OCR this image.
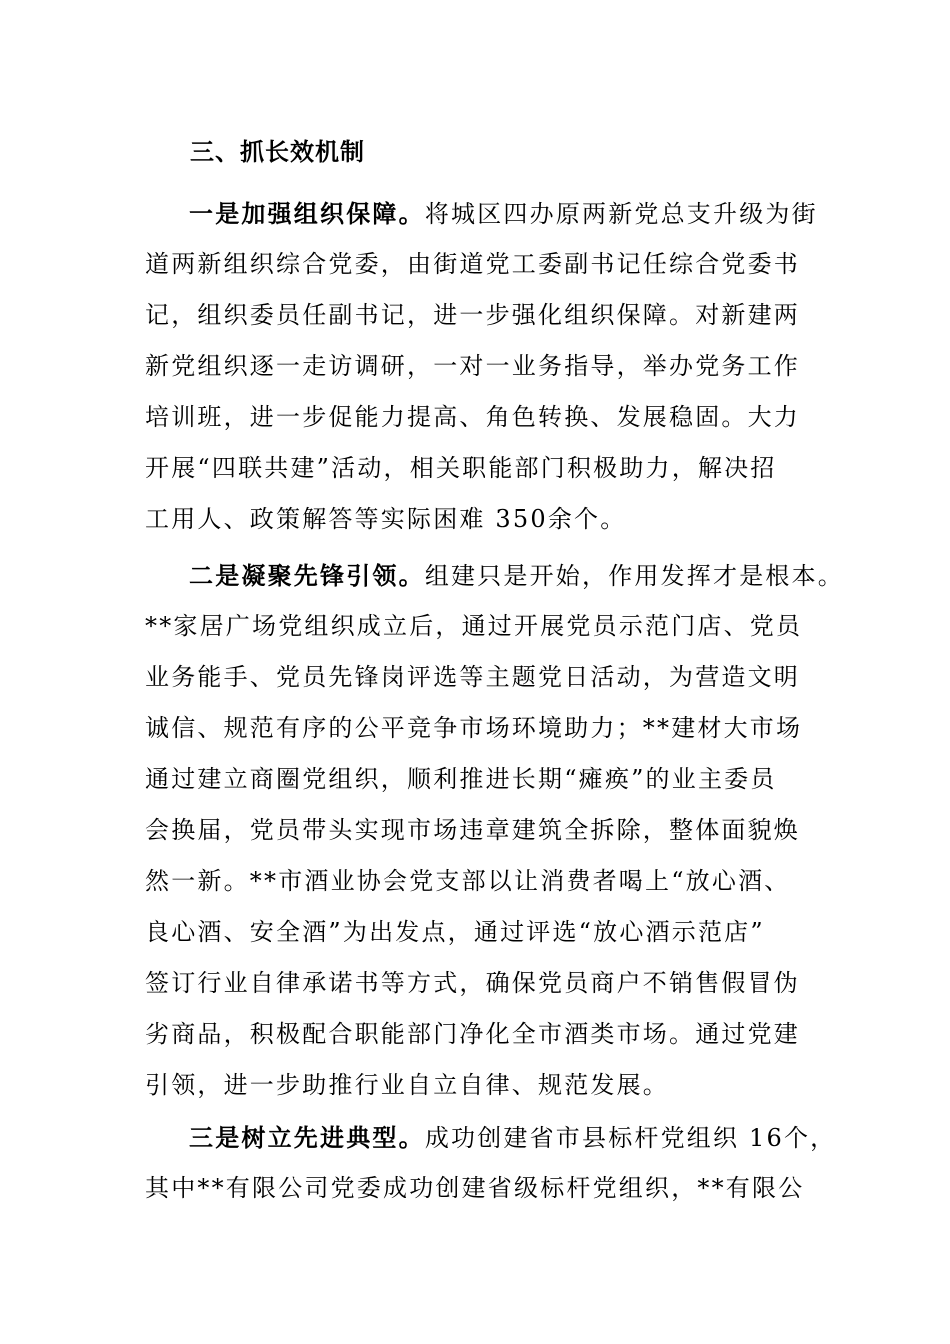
三、抓长效机制
一是加强组织保障。将城区四办原两新党总支升级为街
道两新组织综合党委，由街道党工委副书记任综合党委书
记，组织委员任副书记，进一步强化组织保障。对新建两
新党组织逐一走访调研，一对一业务指导，举办党务工作
培训班，进一步促能力提高、角色转换、发展稳固。大力
开展“四联共建”活动，相关职能部门积极助力，解决招
工用人、政策解答等实际困难 350余个。
二是凝聚先锋引领。组建只是开始，作用发挥才是根本。
**家居广场党组织成立后，通过开展党员示范门店、党员
业务能手、党员先锋岗评选等主题党日活动，为营造文明
诚信、规范有序的公平竞争市场环境助力；**建材大市场
通过建立商圈党组织，顺利推进长期“瘫痪”的业主委员
会换届，党员带头实现市场违章建筑全拆除，整体面貌焕
然一新。**市酒业协会党支部以让消费者喝上“放心酒、
良心酒、安全酒”为出发点，通过评选“放心酒示范店”
签订行业自律承诺书等方式，确保党员商户不销售假冒伪
劣商品，积极配合职能部门净化全市酒类市场。通过党建
引领，进一步助推行业自立自律、规范发展。
三是树立先进典型。成功创建省市县标杆党组织 16个，
其中**有限公司党委成功创建省级标杆党组织，**有限公
